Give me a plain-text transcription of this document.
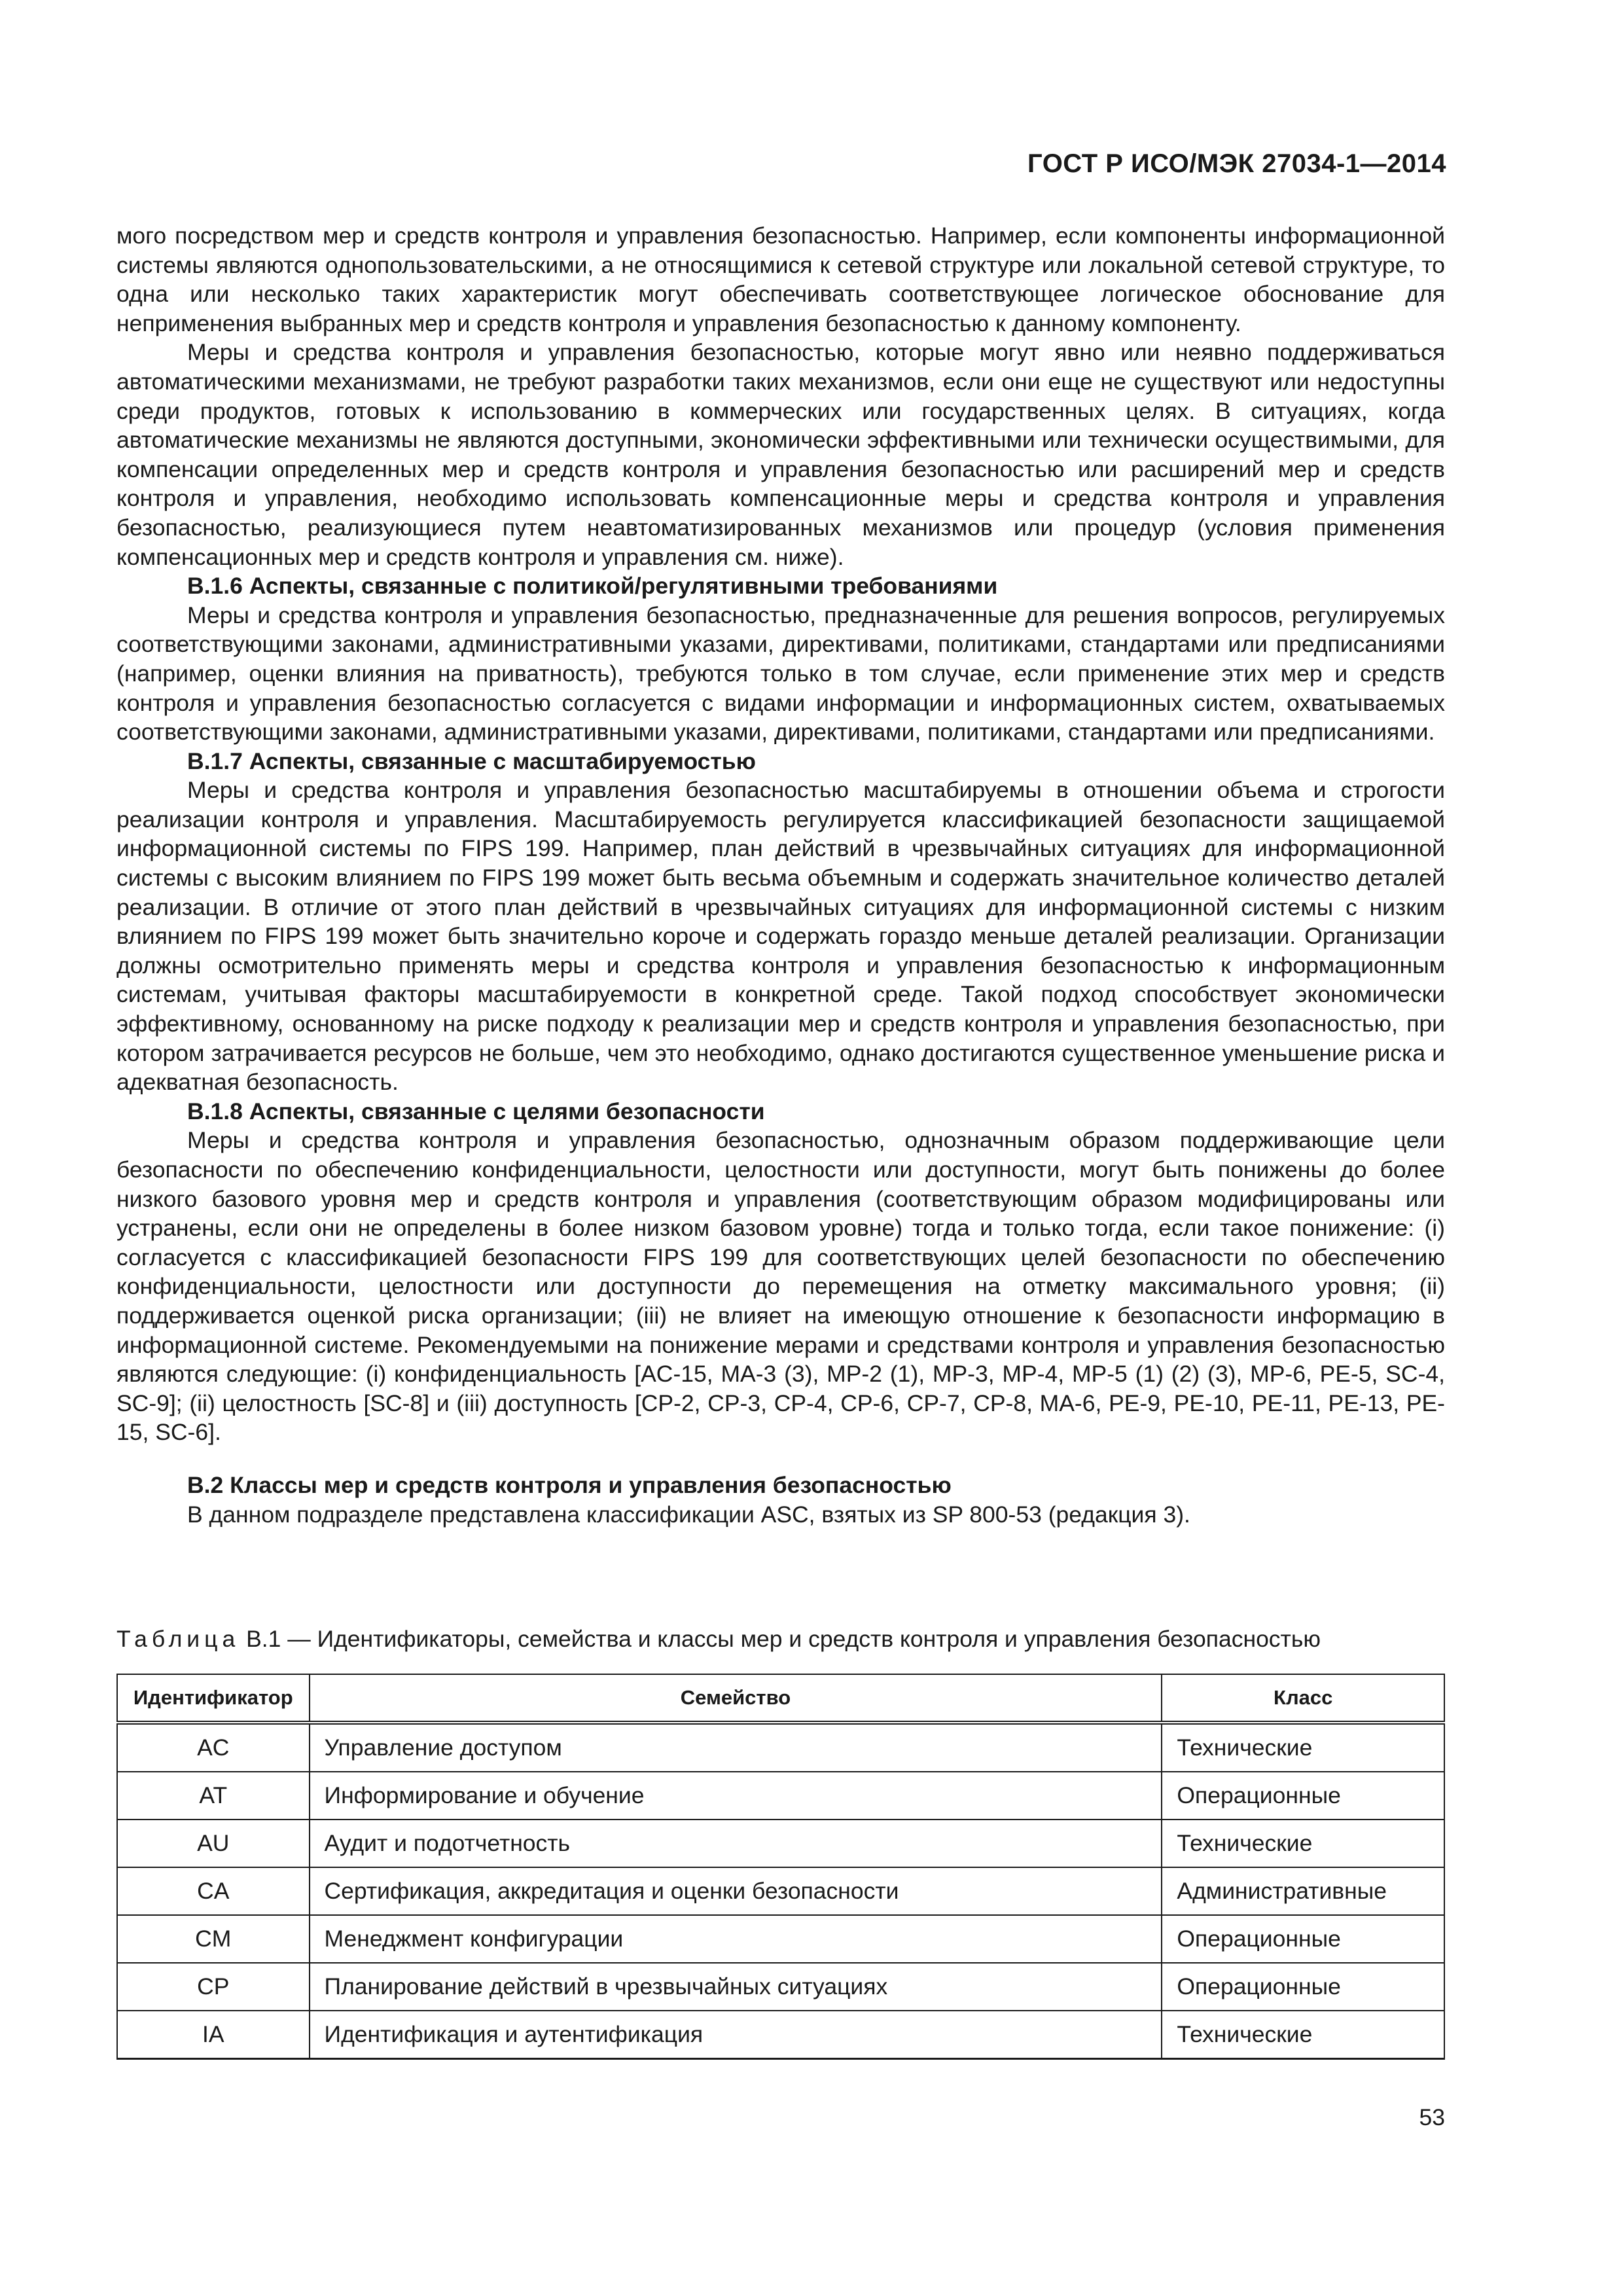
ГОСТ Р ИСО/МЭК 27034-1—2014

мого посредством мер и средств контроля и управления безопасностью. Например, если компоненты информационной системы являются однопользовательскими, а не относящимися к сетевой структуре или локальной сетевой структуре, то одна или несколько таких характеристик могут обеспечивать соответствующее логическое обоснование для неприменения выбранных мер и средств контроля и управления безопасностью к данному компоненту.

Меры и средства контроля и управления безопасностью, которые могут явно или неявно поддерживаться автоматическими механизмами, не требуют разработки таких механизмов, если они еще не существуют или недоступны среди продуктов, готовых к использованию в коммерческих или государственных целях. В ситуациях, когда автоматические механизмы не являются доступными, экономически эффективными или технически осуществимыми, для компенсации определенных мер и средств контроля и управления безопасностью или расширений мер и средств контроля и управления, необходимо использовать компенсационные меры и средства контроля и управления безопасностью, реализующиеся путем неавтоматизированных механизмов или процедур (условия применения компенсационных мер и средств контроля и управления см. ниже).

B.1.6 Аспекты, связанные с политикой/регулятивными требованиями

Меры и средства контроля и управления безопасностью, предназначенные для решения вопросов, регулируемых соответствующими законами, административными указами, директивами, политиками, стандартами или предписаниями (например, оценки влияния на приватность), требуются только в том случае, если применение этих мер и средств контроля и управления безопасностью согласуется с видами информации и информационных систем, охватываемых соответствующими законами, административными указами, директивами, политиками, стандартами или предписаниями.

B.1.7 Аспекты, связанные с масштабируемостью

Меры и средства контроля и управления безопасностью масштабируемы в отношении объема и строгости реализации контроля и управления. Масштабируемость регулируется классификацией безопасности защищаемой информационной системы по FIPS 199. Например, план действий в чрезвычайных ситуациях для информационной системы с высоким влиянием по FIPS 199 может быть весьма объемным и содержать значительное количество деталей реализации. В отличие от этого план действий в чрезвычайных ситуациях для информационной системы с низким влиянием по FIPS 199 может быть значительно короче и содержать гораздо меньше деталей реализации. Организации должны осмотрительно применять меры и средства контроля и управления безопасностью к информационным системам, учитывая факторы масштабируемости в конкретной среде. Такой подход способствует экономически эффективному, основанному на риске подходу к реализации мер и средств контроля и управления безопасностью, при котором затрачивается ресурсов не больше, чем это необходимо, однако достигаются существенное уменьшение риска и адекватная безопасность.

B.1.8 Аспекты, связанные с целями безопасности

Меры и средства контроля и управления безопасностью, однозначным образом поддерживающие цели безопасности по обеспечению конфиденциальности, целостности или доступности, могут быть понижены до более низкого базового уровня мер и средств контроля и управления (соответствующим образом модифицированы или устранены, если они не определены в более низком базовом уровне) тогда и только тогда, если такое понижение: (i) согласуется с классификацией безопасности FIPS 199 для соответствующих целей безопасности по обеспечению конфиденциальности, целостности или доступности до перемещения на отметку максимального уровня; (ii) поддерживается оценкой риска организации; (iii) не влияет на имеющую отношение к безопасности информацию в информационной системе. Рекомендуемыми на понижение мерами и средствами контроля и управления безопасностью являются следующие: (i) конфиденциальность [AC-15, MA-3 (3), MP-2 (1), MP-3, MP-4, MP-5 (1) (2) (3), MP-6, PE-5, SC-4, SC-9]; (ii) целостность [SC-8] и (iii) доступность [CP-2, CP-3, CP-4, CP-6, CP-7, CP-8, MA-6, PE-9, PE-10, PE-11, PE-13, PE-15, SC-6].

B.2 Классы мер и средств контроля и управления безопасностью

В данном подразделе представлена классификации ASC, взятых из SP 800-53 (редакция 3).

Таблица B.1 — Идентификаторы, семейства и классы мер и средств контроля и управления безопасностью
Идентификатор	Семейство	Класс
AC	Управление доступом	Технические
AT	Информирование и обучение	Операционные
AU	Аудит и подотчетность	Технические
CA	Сертификация, аккредитация и оценки безопасности	Административные
CM	Менеджмент конфигурации	Операционные
CP	Планирование действий в чрезвычайных ситуациях	Операционные
IA	Идентификация и аутентификация	Технические
53
